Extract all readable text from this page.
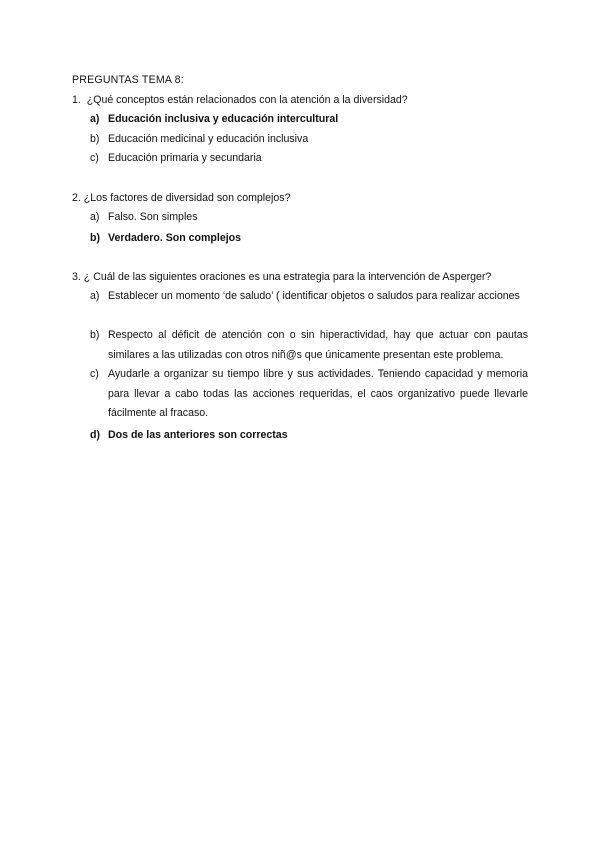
PREGUNTAS TEMA 8:
1. ¿Qué conceptos están relacionados con la atención a la diversidad?
a) Educación inclusiva y educación intercultural
b) Educación medicinal y educación inclusiva
c) Educación primaria y secundaria
2. ¿Los factores de diversidad son complejos?
a) Falso. Son simples
b) Verdadero. Son complejos
3. ¿ Cuál de las siguientes oraciones es una estrategia para la intervención de Asperger?
a) Establecer un momento ‘de saludo’ ( identificar objetos o saludos para realizar acciones
b) Respecto al déficit de atención con o sin hiperactividad, hay que actuar con pautas similares a las utilizadas con otros niñ@s que únicamente presentan este problema.
c) Ayudarle a organizar su tiempo libre y sus actividades. Teniendo capacidad y memoria para llevar a cabo todas las acciones requeridas, el caos organizativo puede llevarle fácilmente al fracaso.
d) Dos de las anteriores son correctas
